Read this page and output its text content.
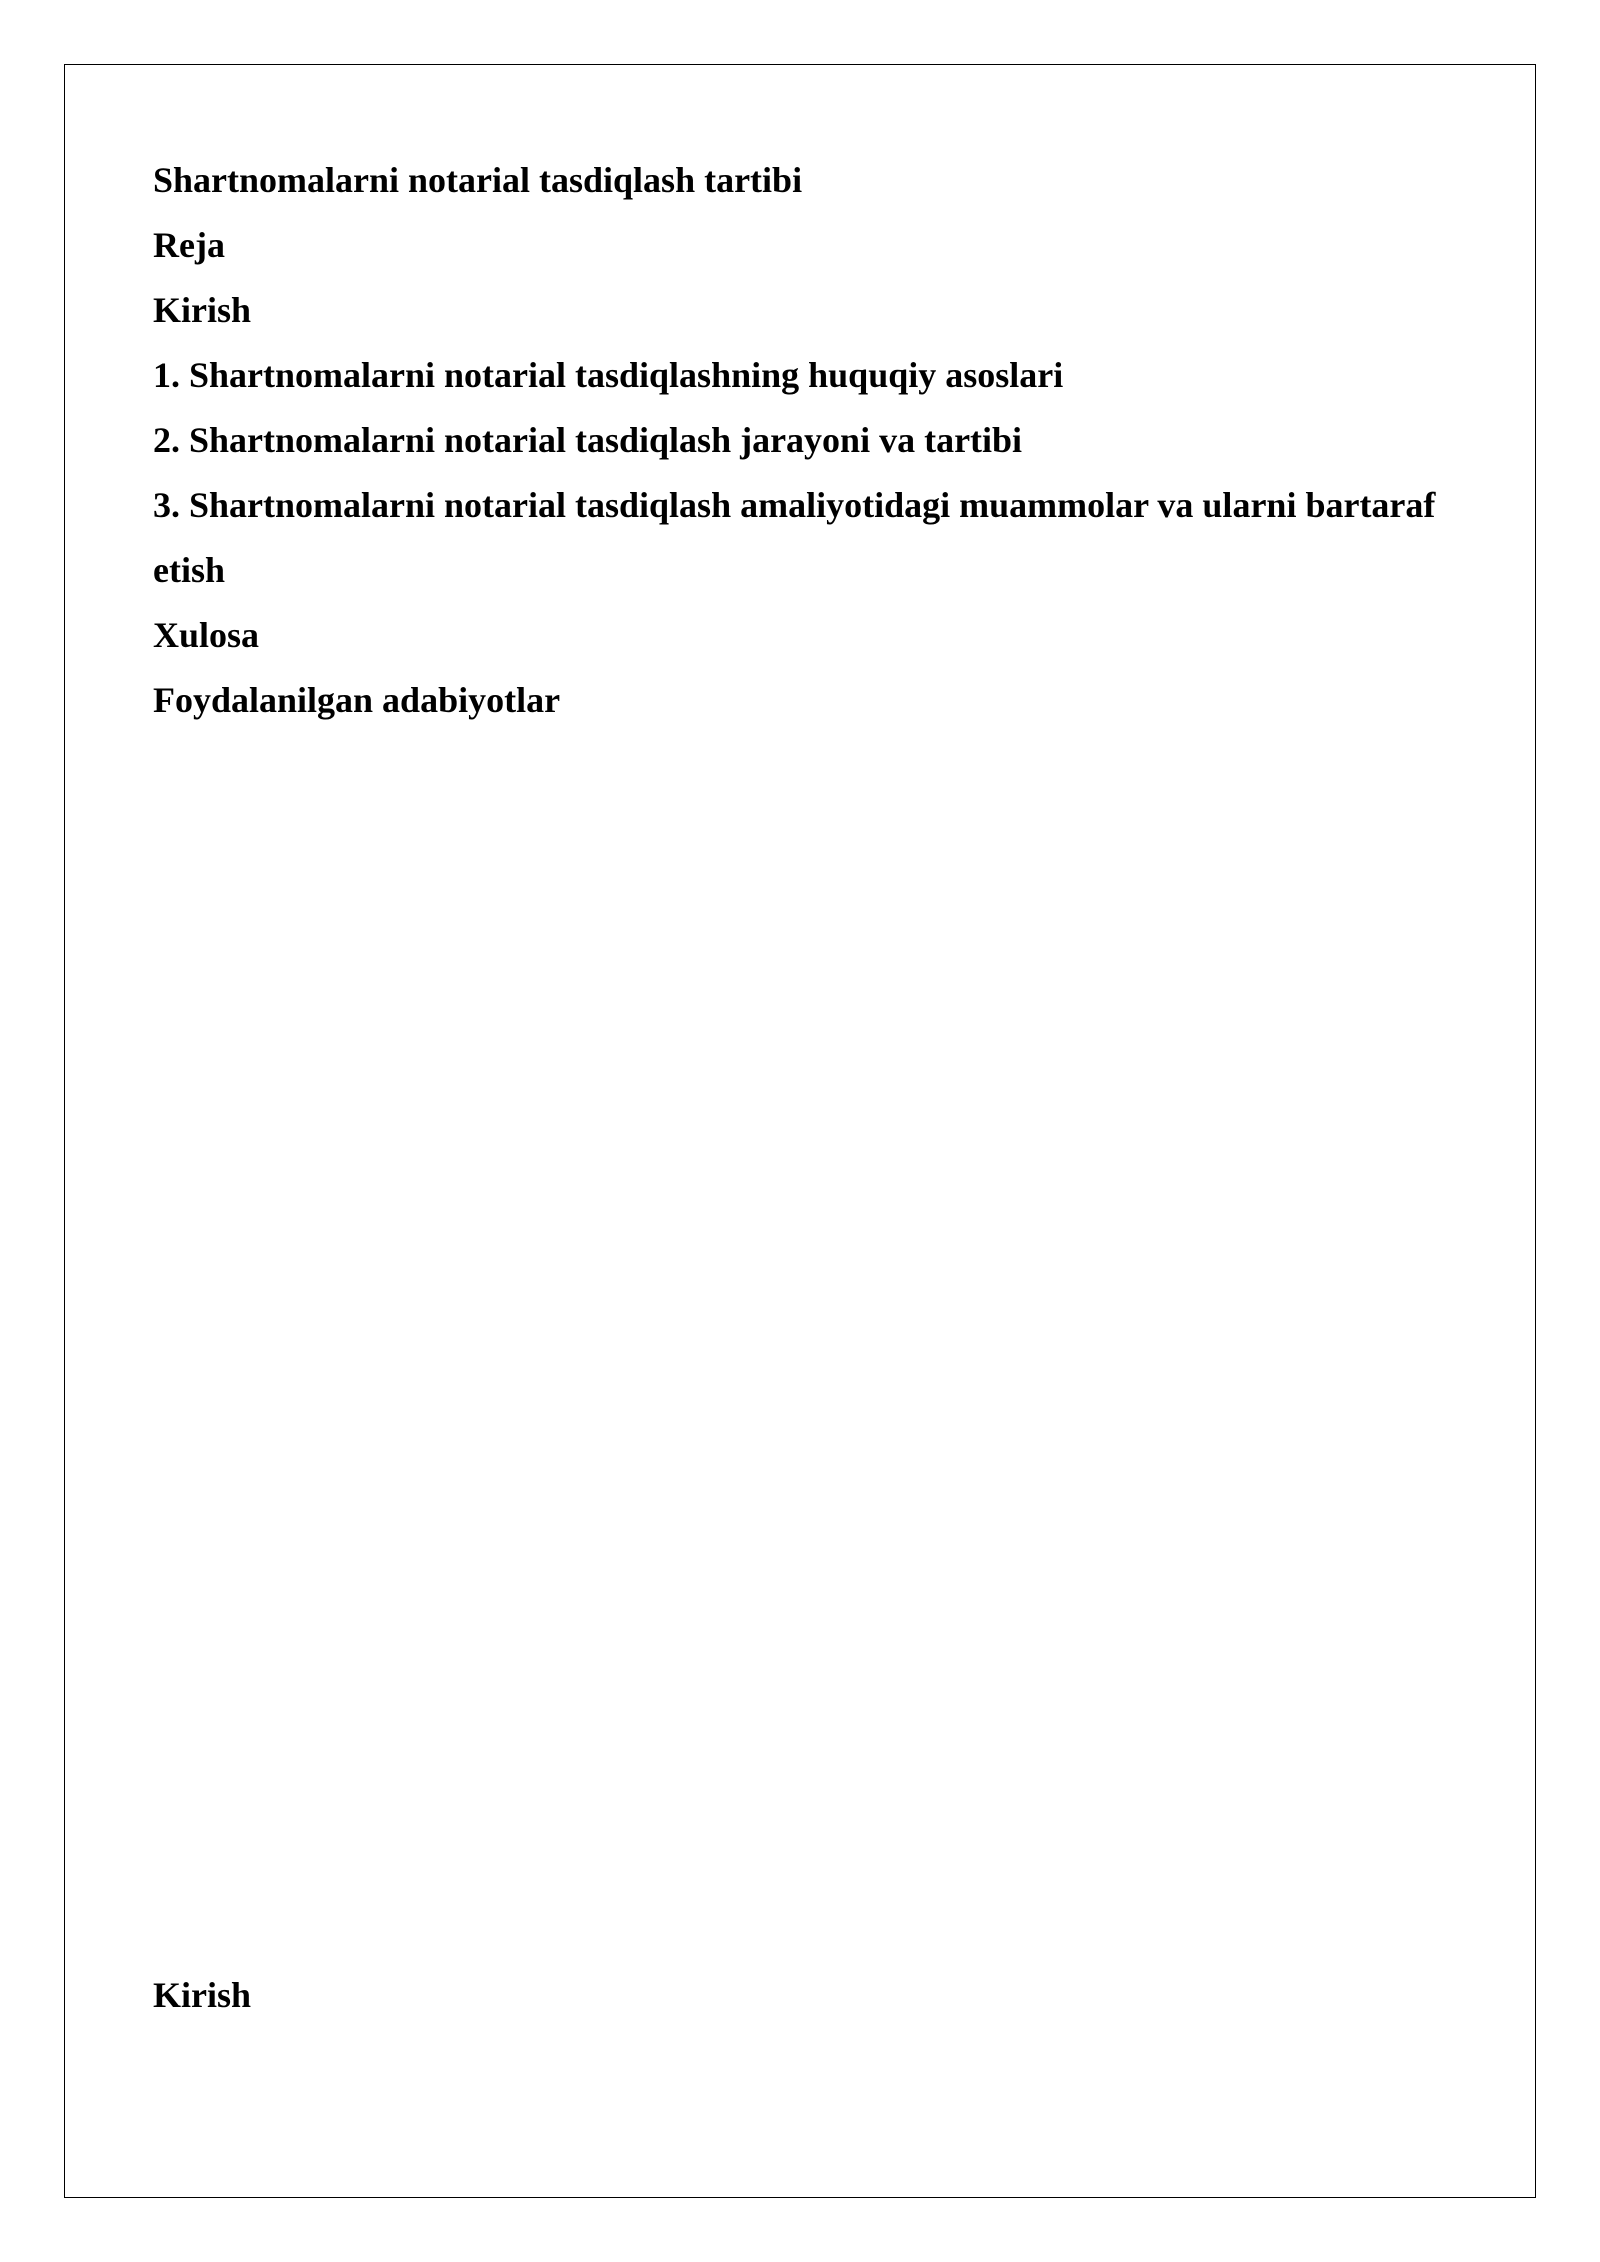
Shartnomalarni notarial tasdiqlash tartibi

Reja

Kirish

1. Shartnomalarni notarial tasdiqlashning huquqiy asoslari

2. Shartnomalarni notarial tasdiqlash jarayoni va tartibi

3. Shartnomalarni notarial tasdiqlash amaliyotidagi muammolar va ularni bartaraf

etish

Xulosa

Foydalanilgan adabiyotlar

Kirish
